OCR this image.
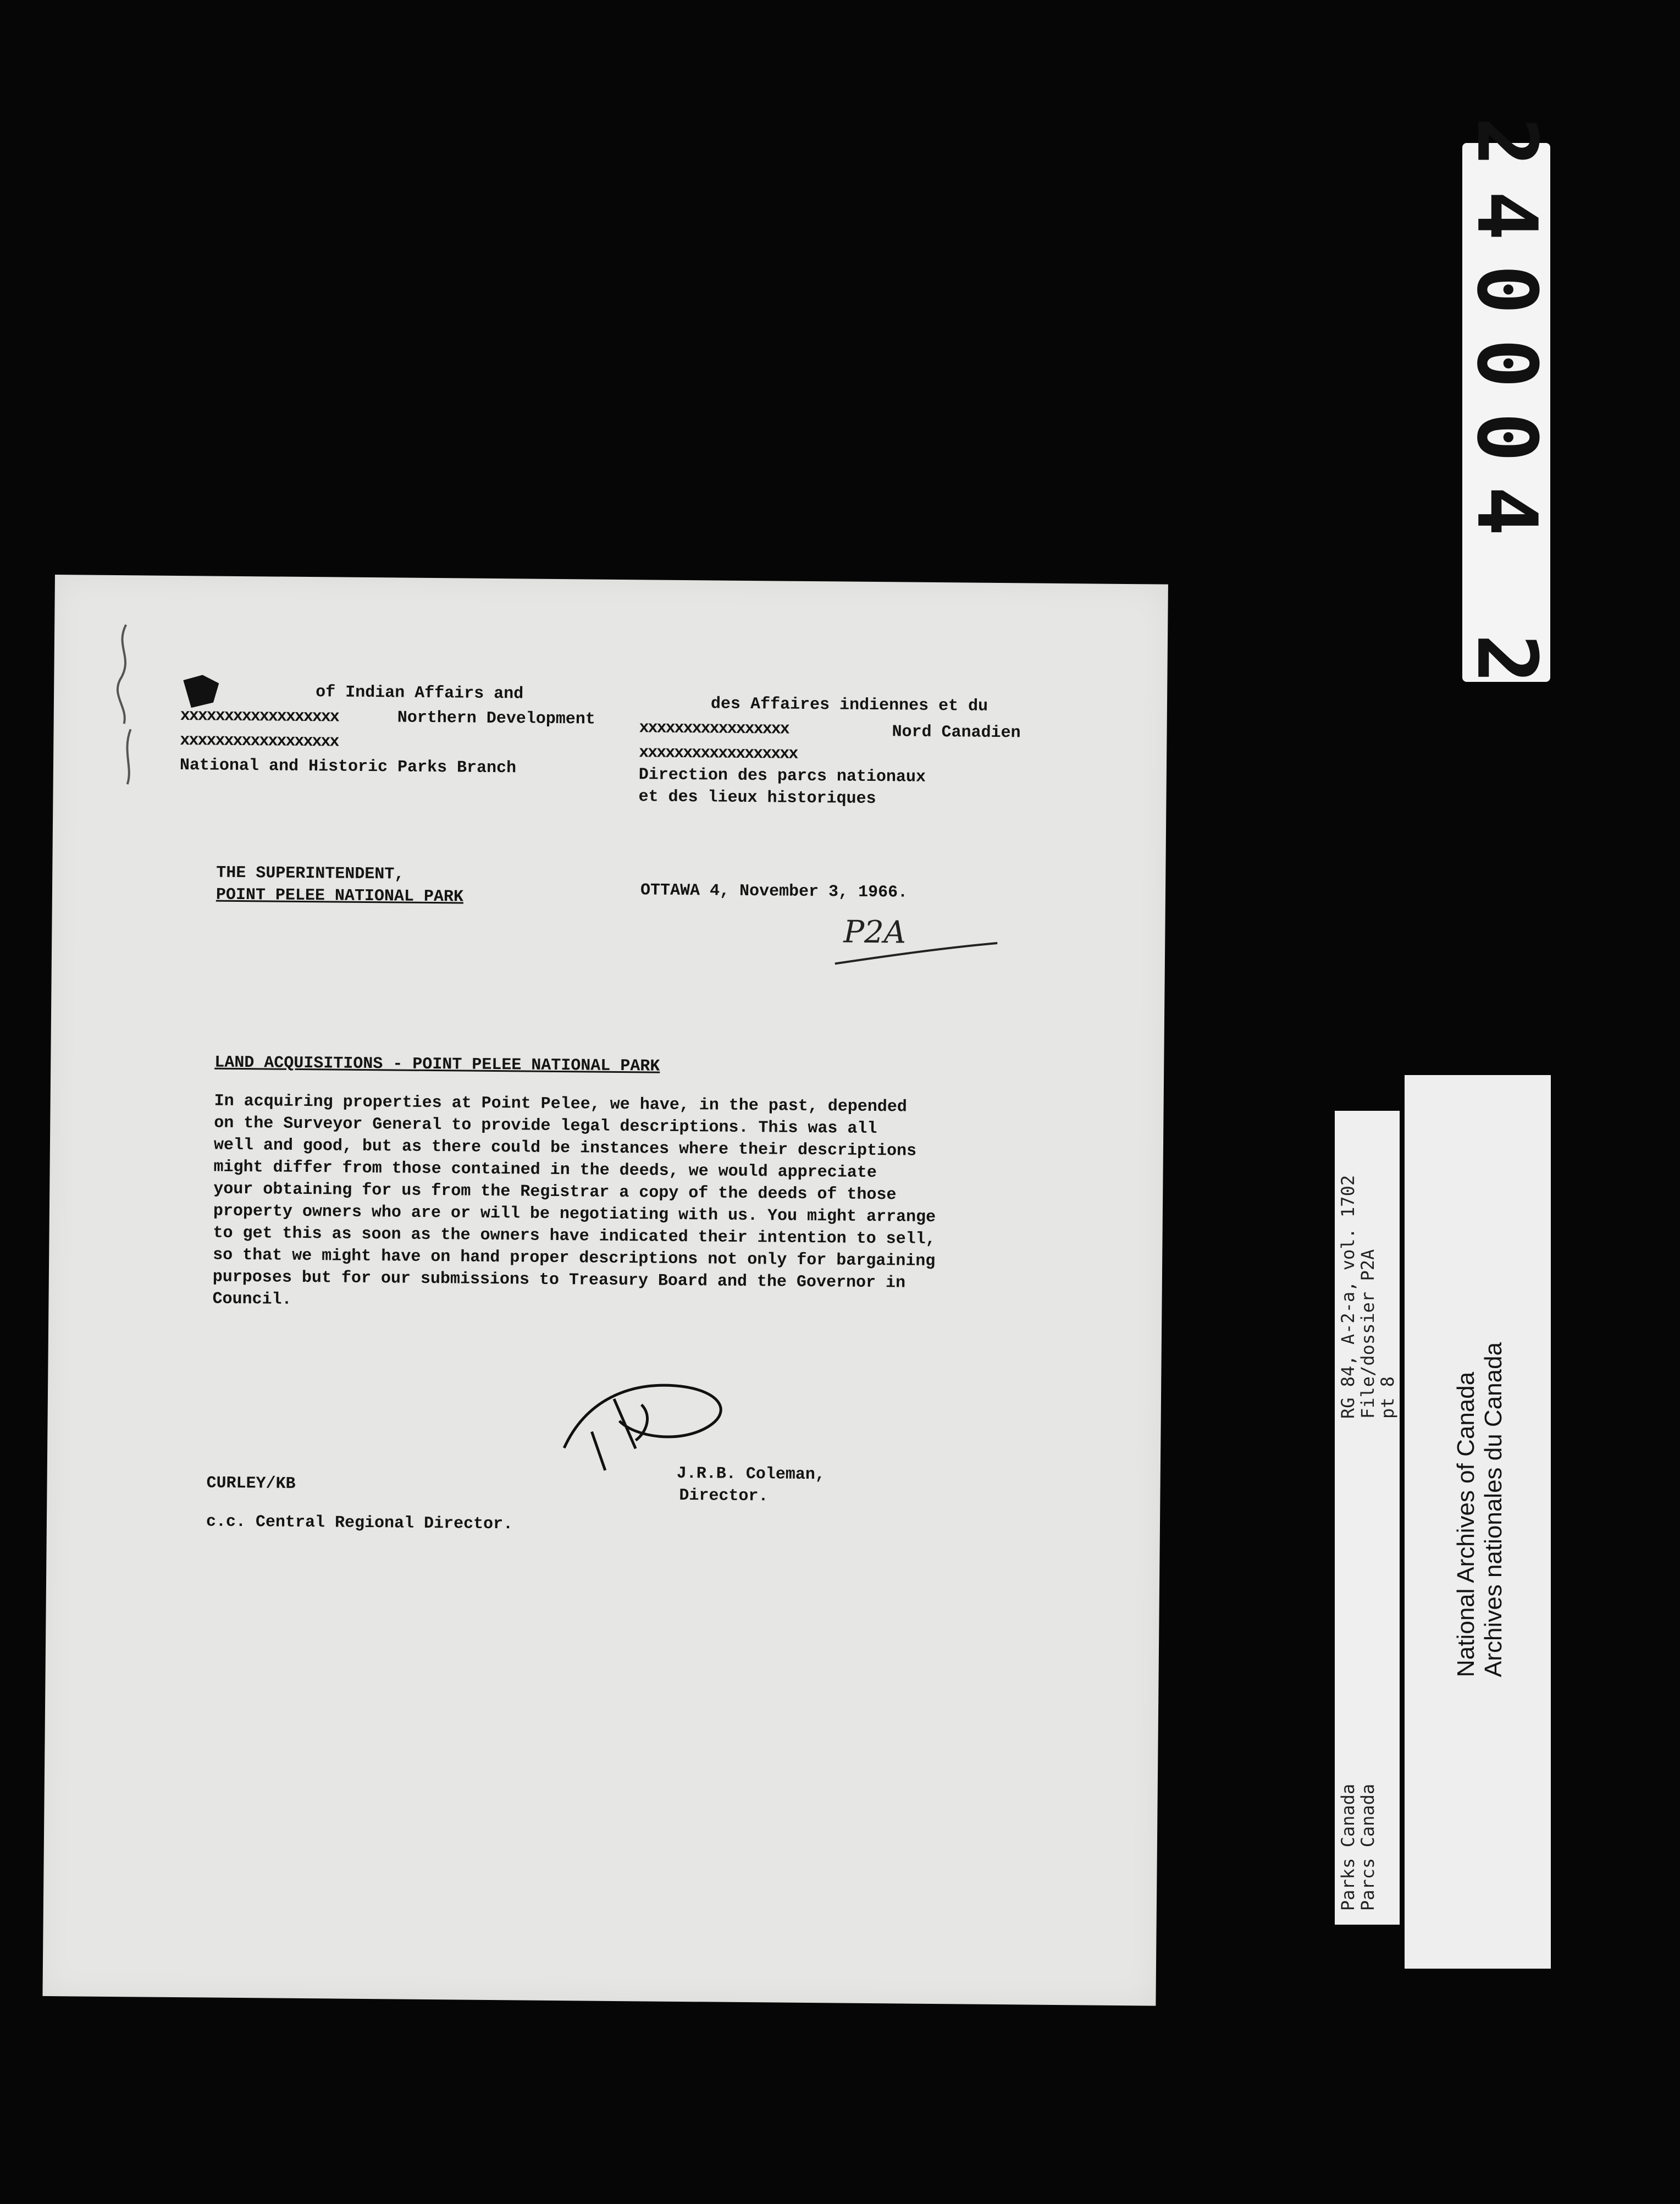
240004 2
of Indian Affairs and
xxxxxxxxxxxxxxxxxx	Northern Development
xxxxxxxxxxxxxxxxxx
National and Historic Parks Branch
des Affaires indiennes et du
xxxxxxxxxxxxxxxxx	Nord Canadien
xxxxxxxxxxxxxxxxxx
Direction des parcs nationaux
et des lieux historiques
THE SUPERINTENDENT,
POINT PELEE NATIONAL PARK	OTTAWA 4, November 3, 1966.
P2A
LAND ACQUISITIONS - POINT PELEE NATIONAL PARK
In acquiring properties at Point Pelee, we have, in the past, depended
on the Surveyor General to provide legal descriptions. This was all
well and good, but as there could be instances where their descriptions
might differ from those contained in the deeds, we would appreciate
your obtaining for us from the Registrar a copy of the deeds of those
property owners who are or will be negotiating with us. You might arrange
to get this as soon as the owners have indicated their intention to sell,
so that we might have on hand proper descriptions not only for bargaining
purposes but for our submissions to Treasury Board and the Governor in
Council.
J.R.B. Coleman,
Director.
CURLEY/KB
c.c. Central Regional Director.
RG 84, A-2-a, vol. 1702
File/dossier P2A
pt 8
Parks Canada
Parcs Canada
National Archives of Canada Archives nationales du Canada
